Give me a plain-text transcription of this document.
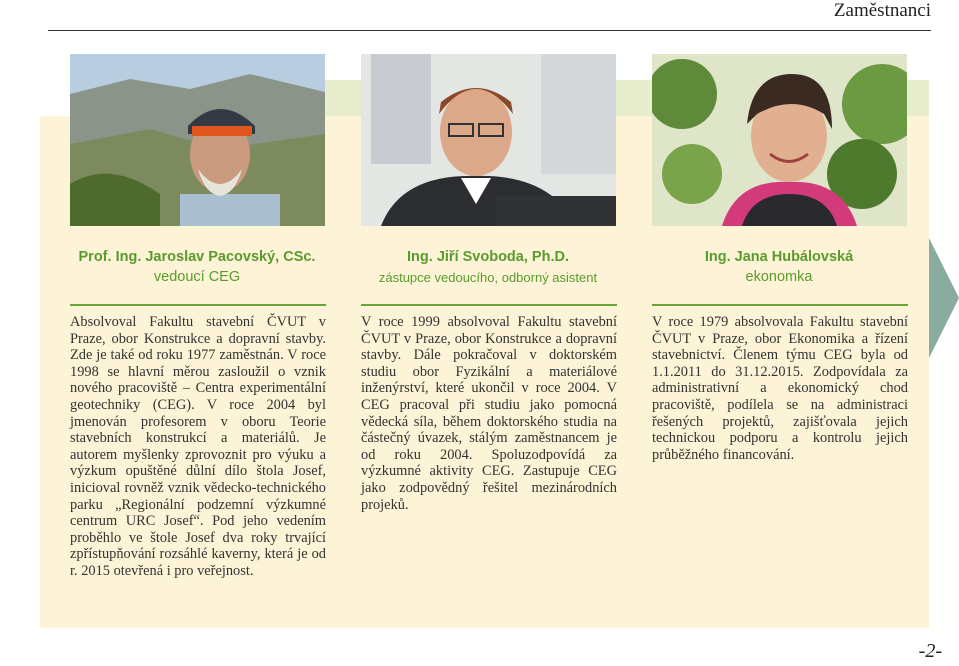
Zaměstnanci
Prof. Ing. Jaroslav Pacovský, CSc.
vedoucí CEG
Ing. Jiří Svoboda, Ph.D.
zástupce vedoucího, odborný asistent
Ing. Jana Hubálovská
ekonomka

Absolvoval Fakultu stavební ČVUT v Praze, obor Konstrukce a dopravní stavby. Zde je také od roku 1977 zaměstnán. V roce 1998 se hlavní měrou zasloužil o vznik nového pracoviště – Centra experimentální geotechniky (CEG). V roce 2004 byl jmenován profesorem v oboru Teorie stavebních konstrukcí a materiálů. Je autorem myšlenky zprovoznit pro výuku a výzkum opuštěné důlní dílo štola Josef, inicioval rovněž vznik vědecko-technického parku „Regionální podzemní výzkumné centrum URC Josef“. Pod jeho vedením proběhlo ve štole Josef dva roky trvající zpřístupňování rozsáhlé kaverny, která je od r. 2015 otevřená i pro veřejnost.

V roce 1999 absolvoval Fakultu stavební ČVUT v Praze, obor Konstrukce a dopravní stavby. Dále pokračoval v doktorském studiu obor Fyzikální a materiálové inženýrství, které ukončil v roce 2004. V CEG pracoval při studiu jako pomocná vědecká síla, během doktorského studia na částečný úvazek, stálým zaměstnancem je od roku 2004. Spoluzodpovídá za výzkumné aktivity CEG. Zastupuje CEG jako zodpovědný řešitel mezinárodních projeků.

V roce 1979 absolvovala Fakultu stavební ČVUT v Praze, obor Ekonomika a řízení stavebnictví. Členem týmu CEG byla od 1.1.2011 do 31.12.2015. Zodpovídala za administrativní a ekonomický chod pracoviště, podílela se na administraci řešených projektů, zajišťovala jejich technickou podporu a kontrolu jejich průběžného financování.

-2-
